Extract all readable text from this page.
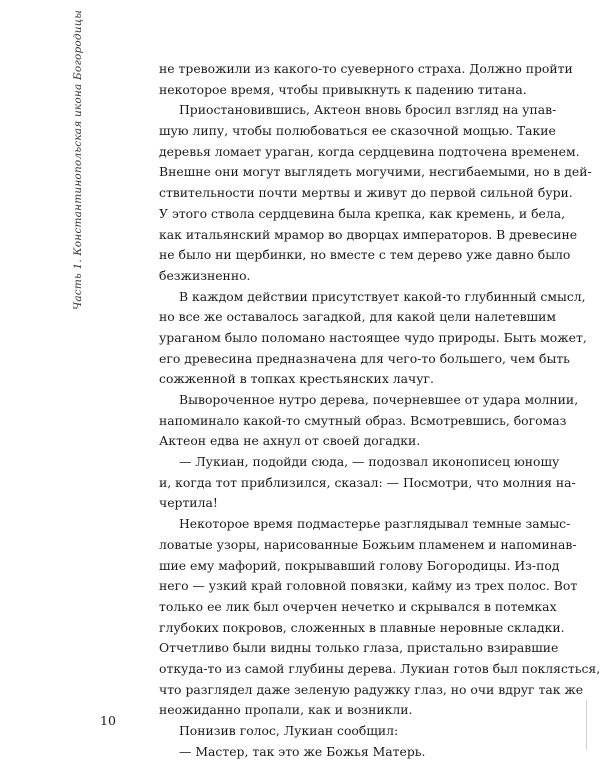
Часть 1. Константинопольская икона Богородицы	не тревожили из какого-то суеверного страха. Должно пройти
некоторое время, чтобы привыкнуть к падению титана.
Приостановившись, Актеон вновь бросил взгляд на упав-
шую липу, чтобы полюбоваться ее сказочной мощью. Такие
деревья ломает ураган, когда сердцевина подточена временем.
Внешне они могут выглядеть могучими, несгибаемыми, но в дей-
ствительности почти мертвы и живут до первой сильной бури.
У этого ствола сердцевина была крепка, как кремень, и бела,
как итальянский мрамор во дворцах императоров. В древесине
не было ни щербинки, но вместе с тем дерево уже давно было
безжизненно.
В каждом действии присутствует какой-то глубинный смысл,
но все же оставалось загадкой, для какой цели налетевшим
ураганом было поломано настоящее чудо природы. Быть может,
его древесина предназначена для чего-то большего, чем быть
сожженной в топках крестьянских лачуг.
Вывороченное нутро дерева, почерневшее от удара молнии,
напоминало какой-то смутный образ. Всмотревшись, богомаз
Актеон едва не ахнул от своей догадки.
— Лукиан, подойди сюда, — подозвал иконописец юношу
и, когда тот приблизился, сказал: — Посмотри, что молния на-
чертила!
Некоторое время подмастерье разглядывал темные замыс-
ловатые узоры, нарисованные Божьим пламенем и напоминав-
шие ему мафорий, покрывавший голову Богородицы. Из-под
него — узкий край головной повязки, кайму из трех полос. Вот
только ее лик был очерчен нечетко и скрывался в потемках
глубоких покровов, сложенных в плавные неровные складки.
Отчетливо были видны только глаза, пристально взиравшие
откуда-то из самой глубины дерева. Лукиан готов был поклясться,
что разглядел даже зеленую радужку глаз, но очи вдруг так же
неожиданно пропали, как и возникли.
Понизив голос, Лукиан сообщил:
— Мастер, так это же Божья Матерь.
10
